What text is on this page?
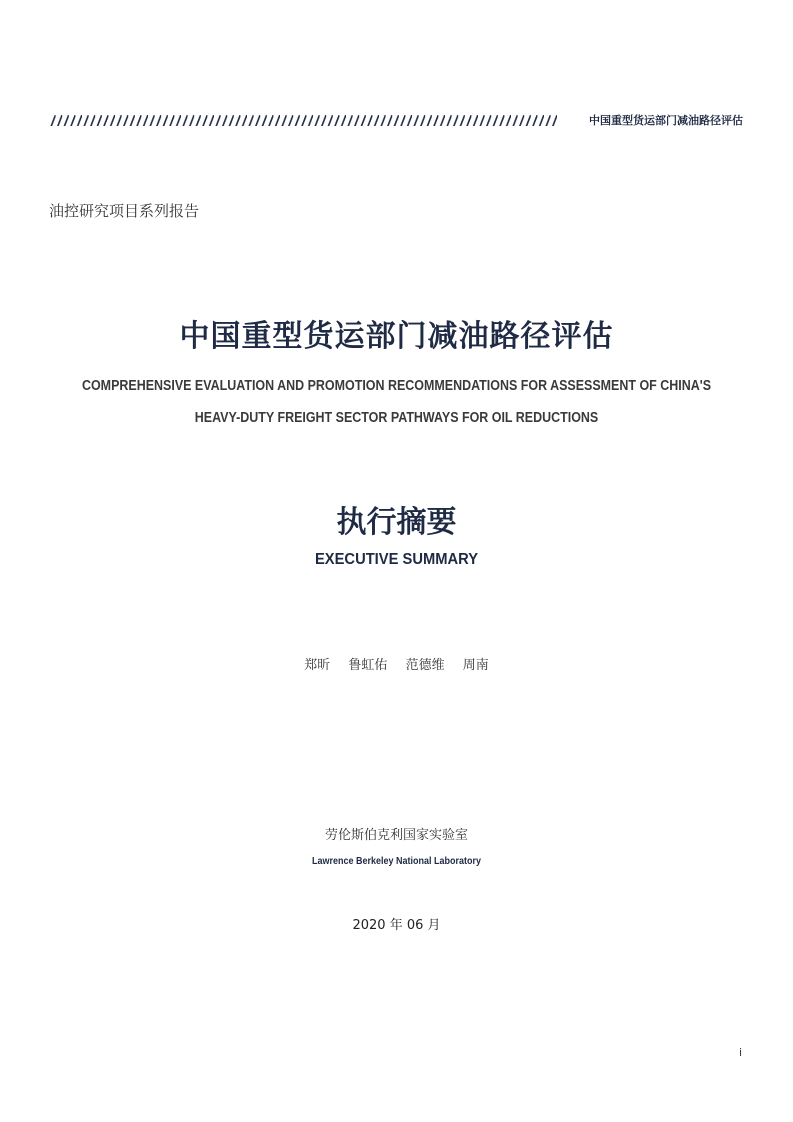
中国重型货运部门减油路径评估
油控研究项目系列报告
中国重型货运部门减油路径评估
COMPREHENSIVE EVALUATION AND PROMOTION RECOMMENDATIONS FOR ASSESSMENT OF CHINA'S
HEAVY-DUTY FREIGHT SECTOR PATHWAYS FOR OIL REDUCTIONS
执行摘要
EXECUTIVE SUMMARY
郑昕 鲁虹佑 范德维 周南
劳伦斯伯克利国家实验室
Lawrence Berkeley National Laboratory
2020 年 06 月
i
